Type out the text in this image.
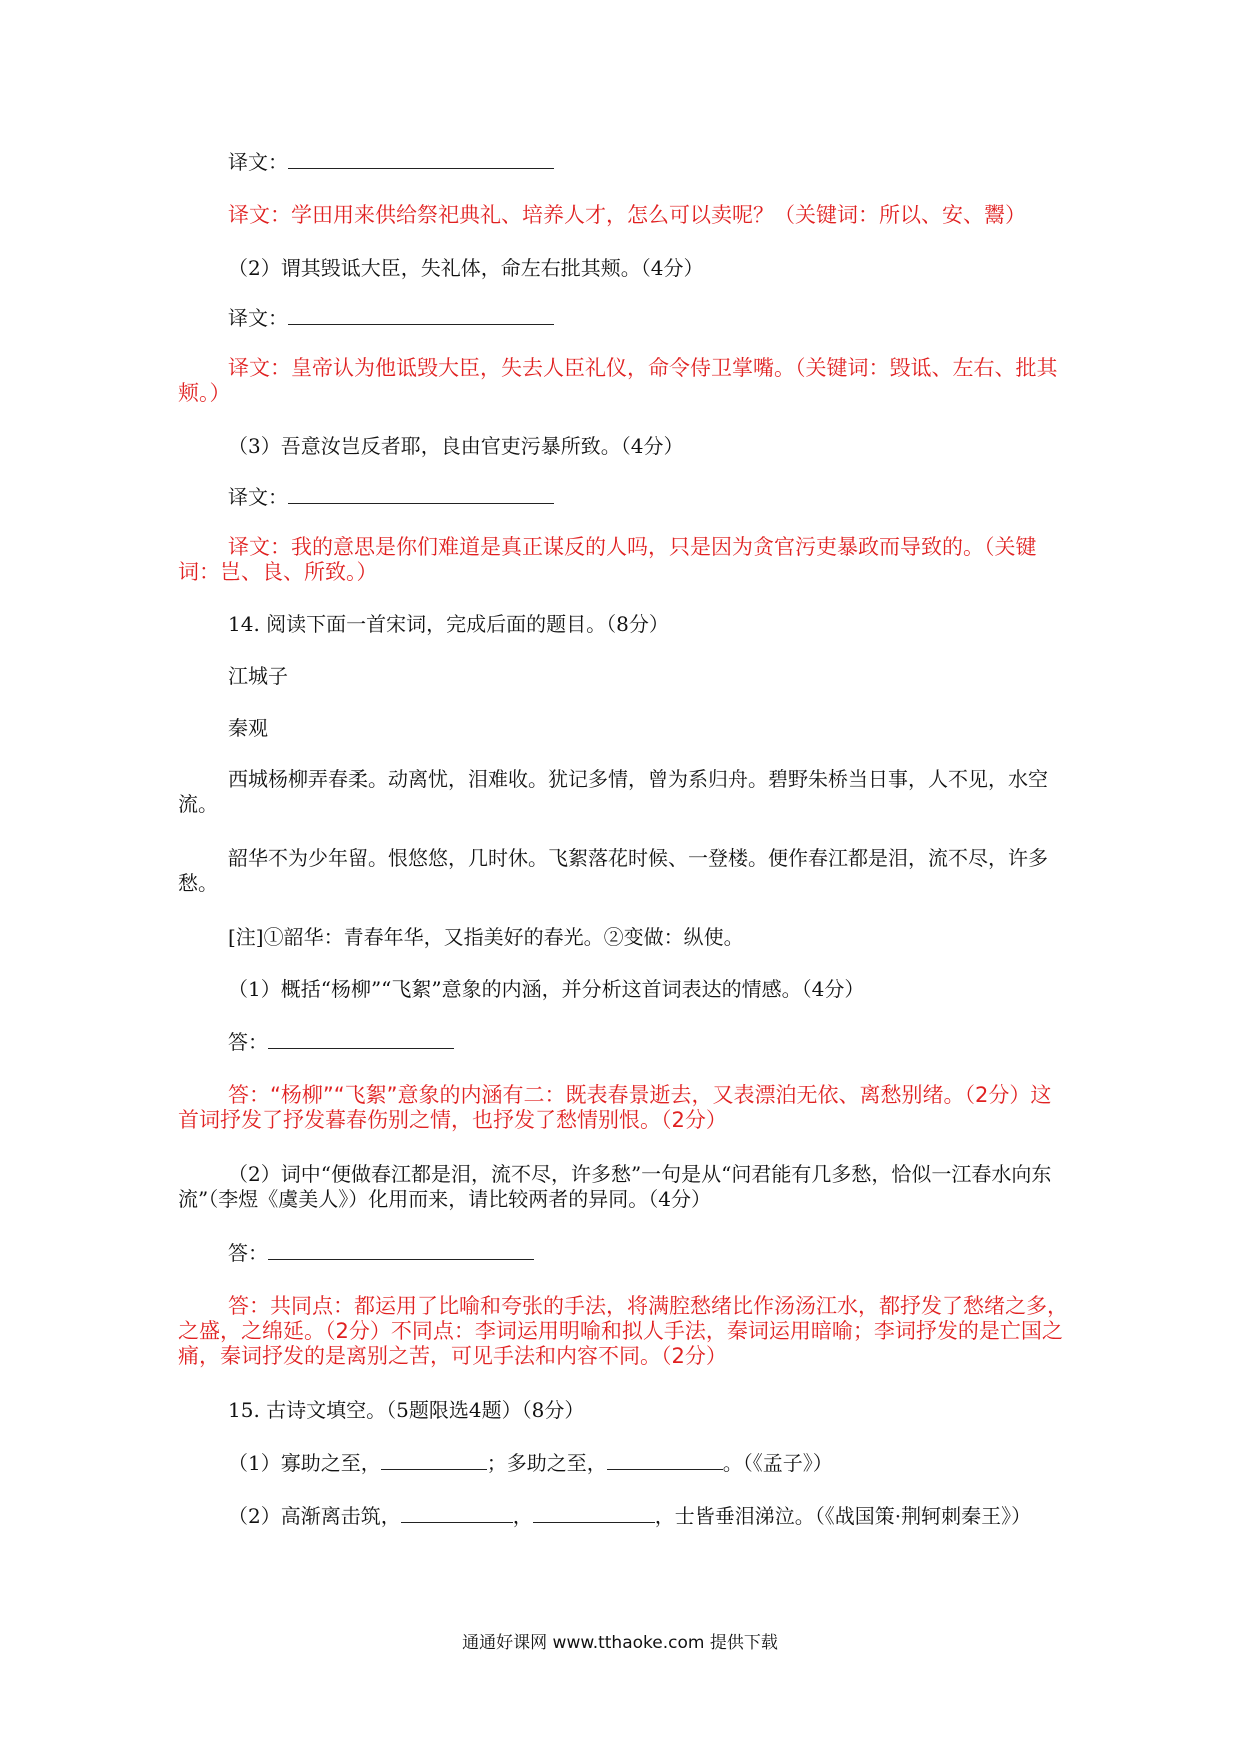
译文：
译文：学田用来供给祭祀典礼、培养人才，怎么可以卖呢？（关键词：所以、安、鬻）
（2）谓其毁诋大臣，失礼体，命左右批其颊。（4分）
译文：
译文：皇帝认为他诋毁大臣，失去人臣礼仪，命令侍卫掌嘴。（关键词：毁诋、左右、批其颊。）
（3）吾意汝岂反者耶，良由官吏污暴所致。（4分）
译文：
译文：我的意思是你们难道是真正谋反的人吗，只是因为贪官污吏暴政而导致的。（关键词：岂、良、所致。）
14. 阅读下面一首宋词，完成后面的题目。（8分）
江城子
秦观
西城杨柳弄春柔。动离忧，泪难收。犹记多情，曾为系归舟。碧野朱桥当日事，人不见，水空流。
韶华不为少年留。恨悠悠，几时休。飞絮落花时候、一登楼。便作春江都是泪，流不尽，许多愁。
[注]①韶华：青春年华，又指美好的春光。②变做：纵使。
（1）概括“杨柳”“飞絮”意象的内涵，并分析这首词表达的情感。（4分）
答：
答：“杨柳”“飞絮”意象的内涵有二：既表春景逝去，又表漂泊无依、离愁别绪。（2分）这首词抒发了抒发暮春伤别之情，也抒发了愁情别恨。（2分）
（2）词中“便做春江都是泪，流不尽，许多愁”一句是从“问君能有几多愁，恰似一江春水向东流”（李煜《虞美人》）化用而来，请比较两者的异同。（4分）
答：
答：共同点：都运用了比喻和夸张的手法，将满腔愁绪比作汤汤江水，都抒发了愁绪之多，之盛，之绵延。（2分）不同点：李词运用明喻和拟人手法，秦词运用暗喻；李词抒发的是亡国之痛，秦词抒发的是离别之苦，可见手法和内容不同。（2分）
15. 古诗文填空。（5题限选4题）（8分）
（1）寡助之至，	；多助之至，	。（《孟子》）
（2）高渐离击筑，	，	，士皆垂泪涕泣。（《战国策·荆轲刺秦王》）
通通好课网 www.tthaoke.com 提供下载
